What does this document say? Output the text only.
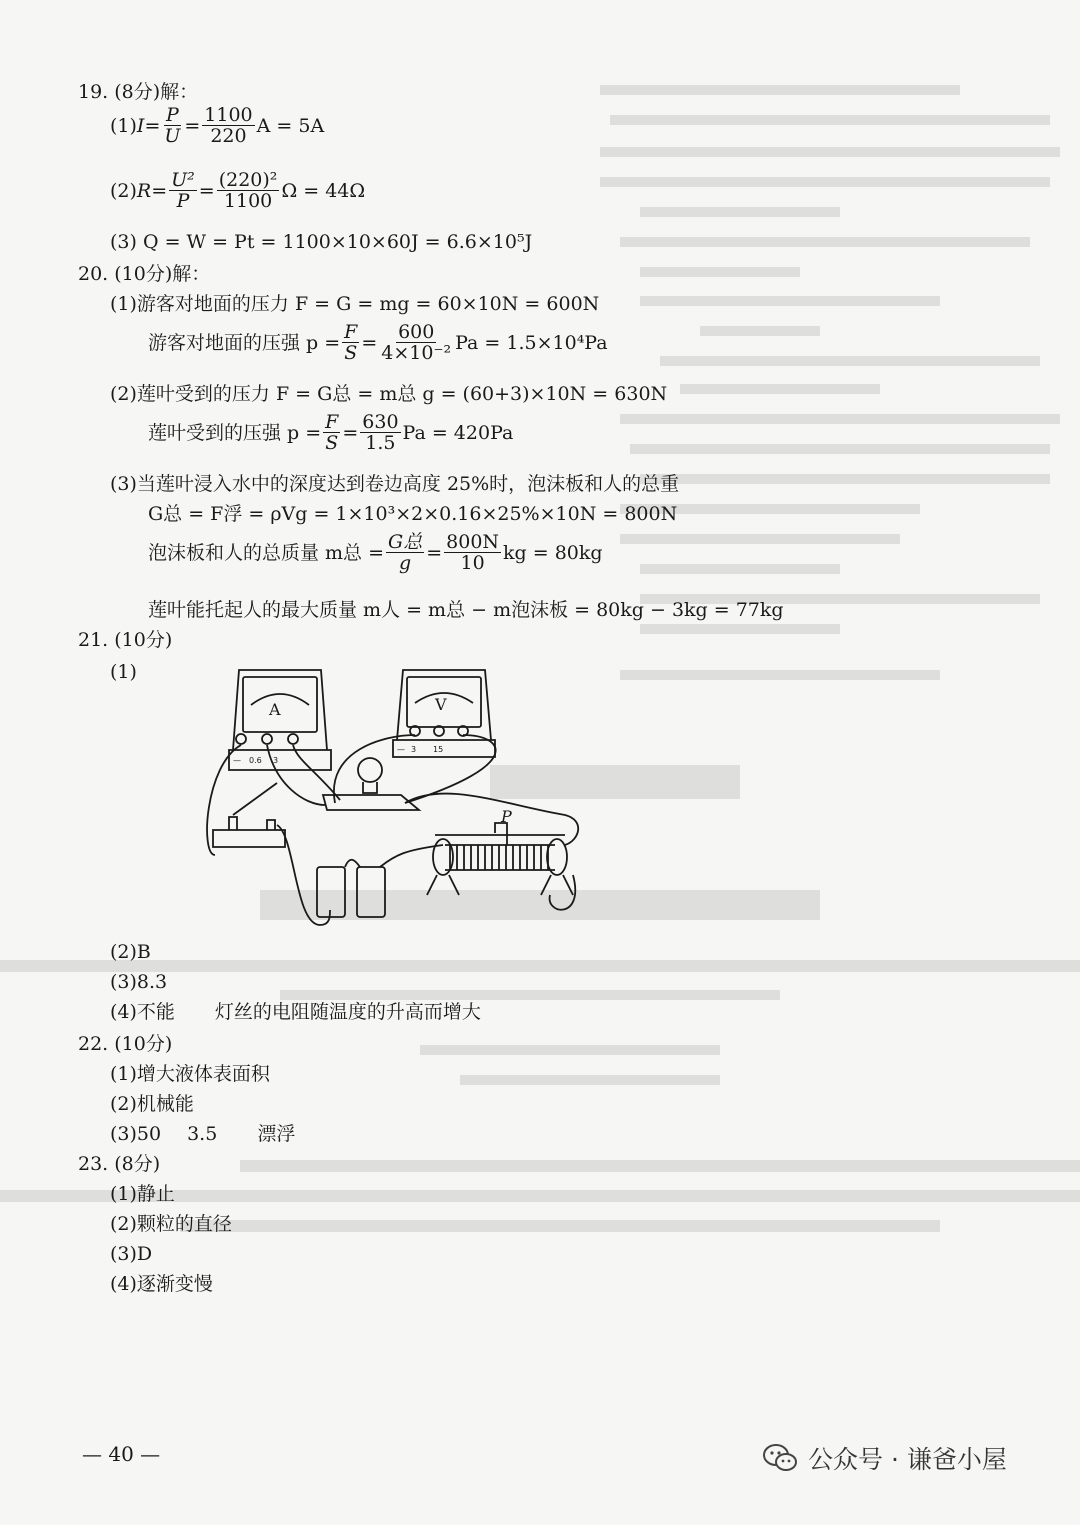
19. (8分)解：
(1) $I = \frac{P}{U} = \frac{1100}{220}$ A = 5A
(2) $R = \frac{\text{U²}}{P} = \frac{\text{(220)²}}{1100}$ Ω = 44Ω
(3) Q = W = Pt = 1100×10×60J = 6.6×10⁵J
20. (10分)解：
(1)游客对地面的压力 F = G = mg = 60×10N = 600N
游客对地面的压强 $p = \frac{F}{S} = \frac{600}{\text{4×10⁻²}}$ Pa = 1.5×10⁴Pa
(2)莲叶受到的压力 F = G总 = m总 g = (60+3)×10N = 630N
莲叶受到的压强 $p = \frac{F}{S} = \frac{630}{1.5}$ Pa = 420Pa
(3)当莲叶浸入水中的深度达到卷边高度 25%时，泡沫板和人的总重
G总 = F浮 = ρVg = 1×10³×2×0.16×25%×10N = 800N
泡沫板和人的总质量 m总 = $\frac{\text{G总}}{g} = \frac{800N}{10}$ kg = 80kg
莲叶能托起人的最大质量 m人 = m总 − m泡沫板 = 80kg − 3kg = 77kg
21. (10分)
(1)
A	V
P
— 0.6 3
— 3 15
(2)B
(3)8.3
(4)不能 灯丝的电阻随温度的升高而增大
22. (10分)
(1)增大液体表面积
(2)机械能
(3)50 3.5 漂浮
23. (8分)
(1)静止
(2)颗粒的直径
(3)D
(4)逐渐变慢
— 40 —	公众号 · 谦爸小屋
